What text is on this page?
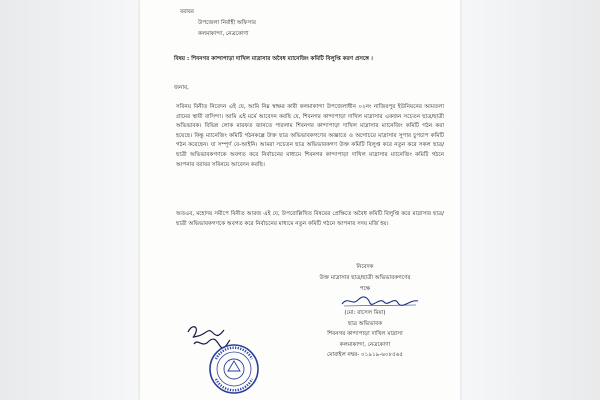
বরাবর
উপজেলা নির্বাহী অফিসার
কলমাকান্দা, নেত্রকোণা
বিষয় : শিবনগর কান্দাপাড়া দাখিল মাদ্রাসার অবৈধ ম্যানেজিং কমিটি বিলুপ্তি করণ প্রসঙ্গে ।
জনাব,
সবিনয় বিনীত নিবেদন এই যে, আমি নিম্ন স্বাক্ষর কারী কলমাকান্দা উপজেলাধীন ০২নং নাজিরপুর ইউনিয়নের আমতলা গ্রামের স্থায়ী বাসিন্দা। আমি এই মর্মে আবেদন করছি যে, শিবনগর কান্দাপাড়া দাখিল মাদ্রাসার একজন সচেতন ছাত্র/ছাত্রী অভিভাবক। বিভিন্ন লোক মারফত জানতে পারলাম শিবনগর কান্দাপাড়া দাখিল মাদ্রাসার ম্যানেজিং কমিটি গঠন করা হয়েছে। কিন্তু ম্যানেজিং কমিটি গঠনকল্পে উক্ত ছাত্র অভিভাবকগণের অজ্ঞাতে ও অগোচরে মাদ্রাসার সুপার চুপচাপ কমিটি গঠন করেছেন। যা সম্পূর্ণ বে-আইনি। আমরা সচেতন ছাত্র অভিভাবকগণ উক্ত কমিটি বিলুপ্ত করে নতুন করে সকল ছাত্র/ছাত্রী অভিভাবকগণকে অবগত করে নির্বাচনের মাধ্যমে শিবনগর কান্দাপাড়া দাখিল মাদ্রাসার ম্যানেজিং কমিটি গঠনে আপনার বরাবর সবিনয়ে আবেদন করছি।
অতএব, মহোদয় সমীপে বিনীত আরজ এই যে, উপরোল্লিখিত বিষয়ের প্রেক্ষিতে অবৈধ কমিটি বিলুপ্তি করে মাদ্রাসার ছাত্র/ছাত্রী অভিভাবকগণকে অবগত করে নির্বাচনের মাধ্যমে নতুন কমিটি গঠনে আপনার সদয় মর্জি হয়।
নিবেদক
উক্ত মাদ্রাসার ছাত্র/ছাত্রী অভিভাবকগণের
পক্ষে
(মো: রাসেল মিয়া)
ছাত্র অভিভাবক
শিবনগর কান্দাপাড়া দাখিল মাদ্রাসা
কলমাকান্দা, নেত্রকোণা
মোবাইল নম্বর- ০১৯১৯-৬০৮৫৬৫
